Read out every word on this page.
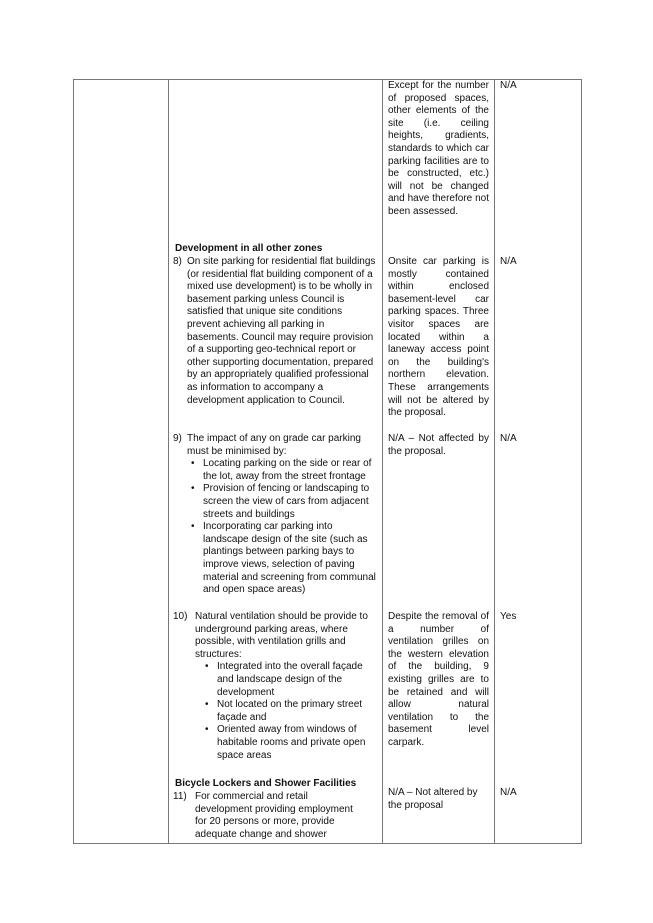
Except for the number of proposed spaces, other elements of the site (i.e. ceiling heights, gradients, standards to which car parking facilities are to be constructed, etc.) will not be changed and have therefore not been assessed.
N/A
Development in all other zones
8) On site parking for residential flat buildings (or residential flat building component of a mixed use development) is to be wholly in basement parking unless Council is satisfied that unique site conditions prevent achieving all parking in basements. Council may require provision of a supporting geo-technical report or other supporting documentation, prepared by an appropriately qualified professional as information to accompany a development application to Council.
Onsite car parking is mostly contained within enclosed basement-level car parking spaces. Three visitor spaces are located within a laneway access point on the building's northern elevation. These arrangements will not be altered by the proposal.
N/A
9) The impact of any on grade car parking must be minimised by:
• Locating parking on the side or rear of the lot, away from the street frontage
• Provision of fencing or landscaping to screen the view of cars from adjacent streets and buildings
• Incorporating car parking into landscape design of the site (such as plantings between parking bays to improve views, selection of paving material and screening from communal and open space areas)
N/A – Not affected by the proposal.
N/A
10) Natural ventilation should be provide to underground parking areas, where possible, with ventilation grills and structures:
• Integrated into the overall façade and landscape design of the development
• Not located on the primary street façade and
• Oriented away from windows of habitable rooms and private open space areas
Despite the removal of a number of ventilation grilles on the western elevation of the building, 9 existing grilles are to be retained and will allow natural ventilation to the basement level carpark.
Yes
Bicycle Lockers and Shower Facilities
11) For commercial and retail development providing employment for 20 persons or more, provide adequate change and shower
N/A – Not altered by the proposal
N/A
